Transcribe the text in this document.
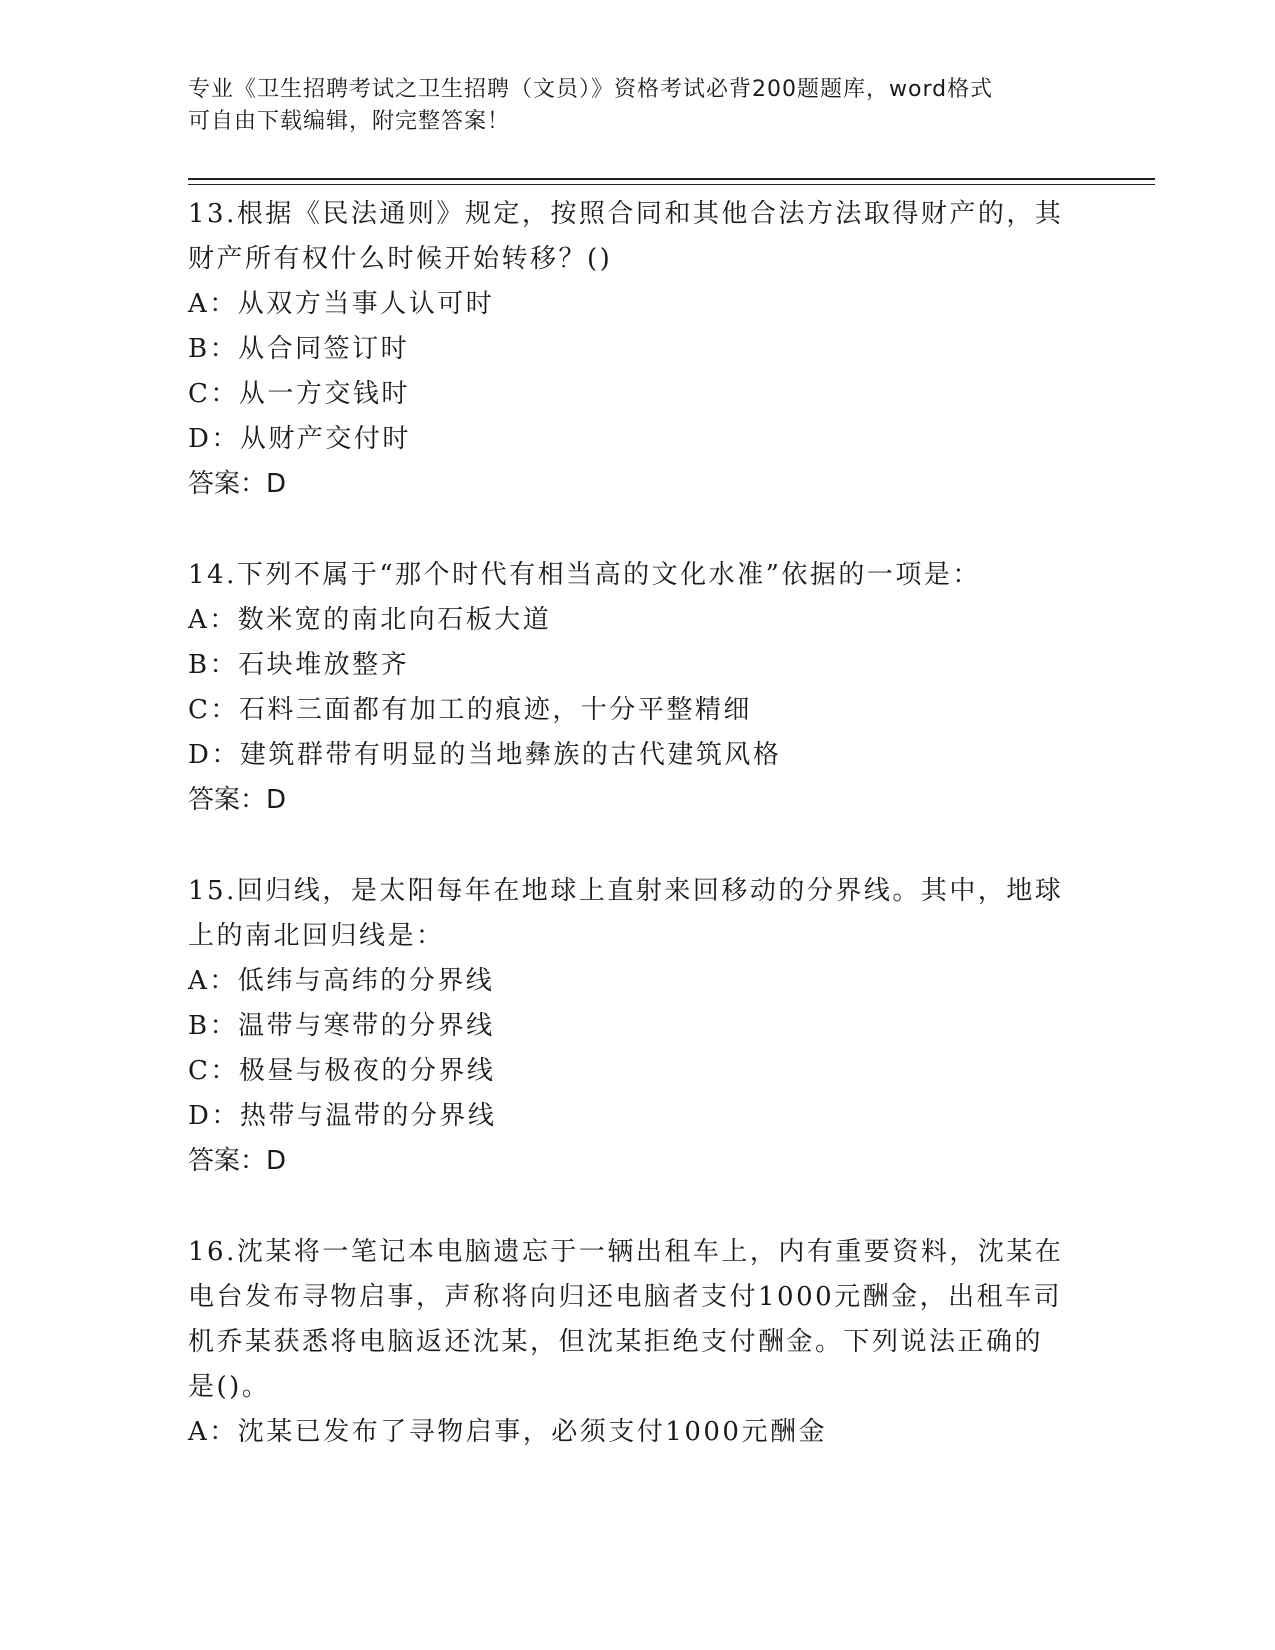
专业《卫生招聘考试之卫生招聘（文员）》资格考试必背200题题库，word格式
可自由下载编辑，附完整答案！
13.根据《民法通则》规定，按照合同和其他合法方法取得财产的，其
财产所有权什么时候开始转移？()
A：从双方当事人认可时
B：从合同签订时
C：从一方交钱时
D：从财产交付时
答案：D
14.下列不属于“那个时代有相当高的文化水准”依据的一项是：
A：数米宽的南北向石板大道
B：石块堆放整齐
C：石料三面都有加工的痕迹，十分平整精细
D：建筑群带有明显的当地彝族的古代建筑风格
答案：D
15.回归线，是太阳每年在地球上直射来回移动的分界线。其中，地球
上的南北回归线是：
A：低纬与高纬的分界线
B：温带与寒带的分界线
C：极昼与极夜的分界线
D：热带与温带的分界线
答案：D
16.沈某将一笔记本电脑遗忘于一辆出租车上，内有重要资料，沈某在
电台发布寻物启事，声称将向归还电脑者支付1000元酬金，出租车司
机乔某获悉将电脑返还沈某，但沈某拒绝支付酬金。下列说法正确的
是()。
A：沈某已发布了寻物启事，必须支付1000元酬金
